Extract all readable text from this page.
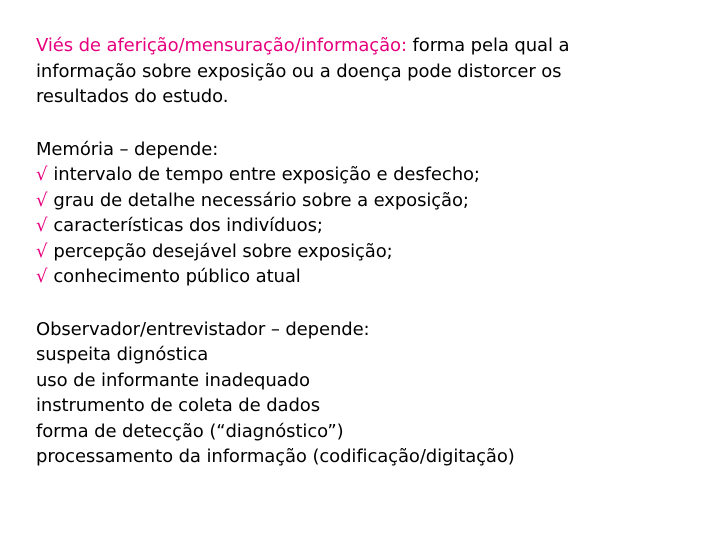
Viés de aferição/mensuração/informação: forma pela qual a
informação sobre exposição ou a doença pode distorcer os
resultados do estudo.
Memória – depende:
√ intervalo de tempo entre exposição e desfecho;
√ grau de detalhe necessário sobre a exposição;
√ características dos indivíduos;
√ percepção desejável sobre exposição;
√ conhecimento público atual
Observador/entrevistador – depende:
suspeita dignóstica
uso de informante inadequado
instrumento de coleta de dados
forma de detecção (“diagnóstico”)
processamento da informação (codificação/digitação)
